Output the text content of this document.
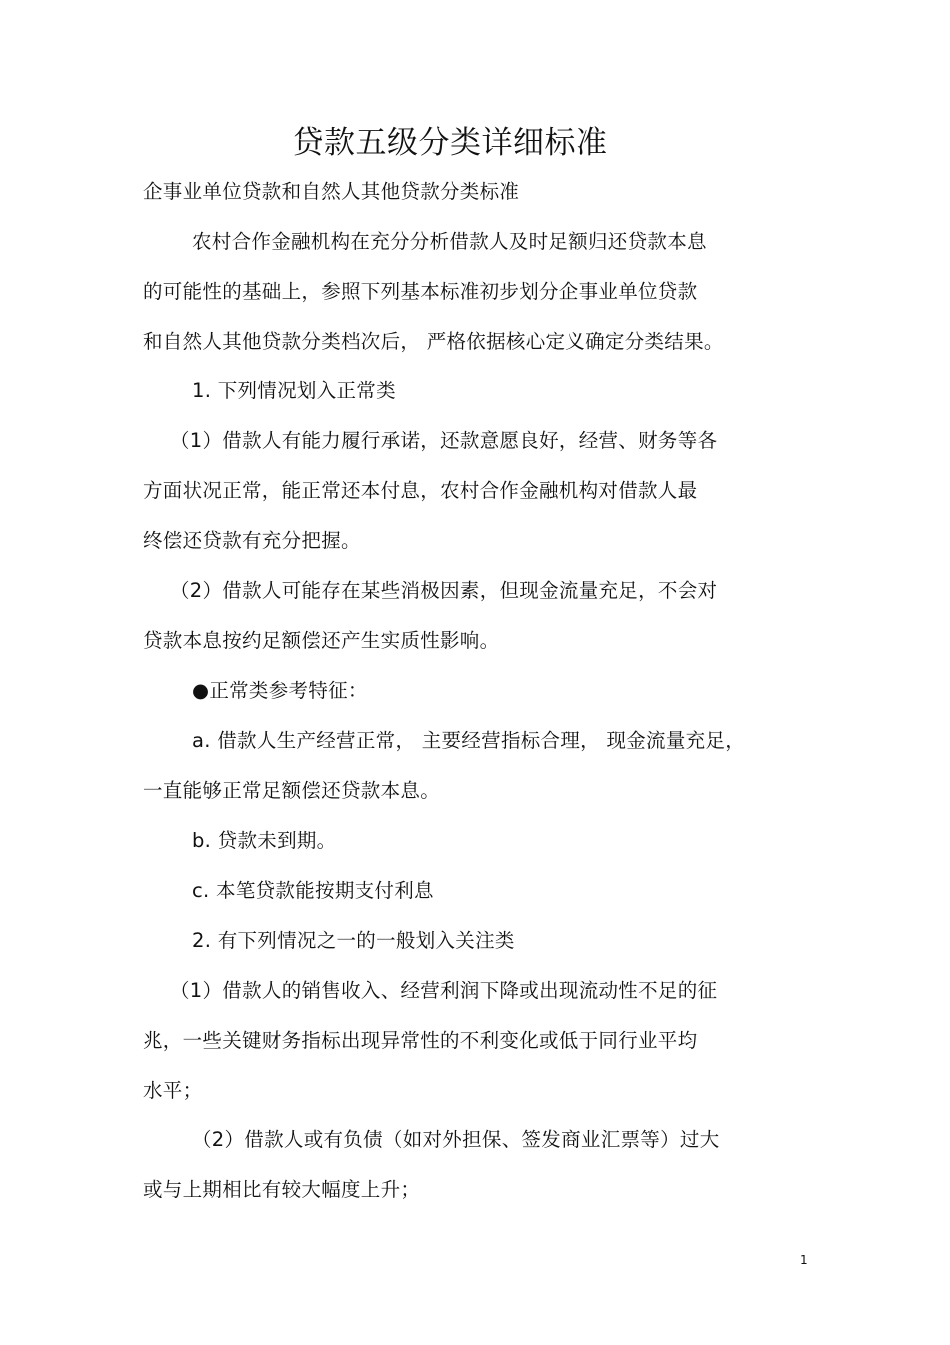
贷款五级分类详细标准
企事业单位贷款和自然人其他贷款分类标准
农村合作金融机构在充分分析借款人及时足额归还贷款本息
的可能性的基础上，参照下列基本标准初步划分企事业单位贷款
和自然人其他贷款分类档次后， 严格依据核心定义确定分类结果。
1. 下列情况划入正常类
（1）借款人有能力履行承诺，还款意愿良好，经营、财务等各
方面状况正常，能正常还本付息，农村合作金融机构对借款人最
终偿还贷款有充分把握。
（2）借款人可能存在某些消极因素，但现金流量充足，不会对
贷款本息按约足额偿还产生实质性影响。
●正常类参考特征：
a. 借款人生产经营正常， 主要经营指标合理， 现金流量充足，
一直能够正常足额偿还贷款本息。
b. 贷款未到期。
c. 本笔贷款能按期支付利息
2. 有下列情况之一的一般划入关注类
（1）借款人的销售收入、经营利润下降或出现流动性不足的征
兆，一些关键财务指标出现异常性的不利变化或低于同行业平均
水平；
（2）借款人或有负债（如对外担保、签发商业汇票等）过大
或与上期相比有较大幅度上升；
1
